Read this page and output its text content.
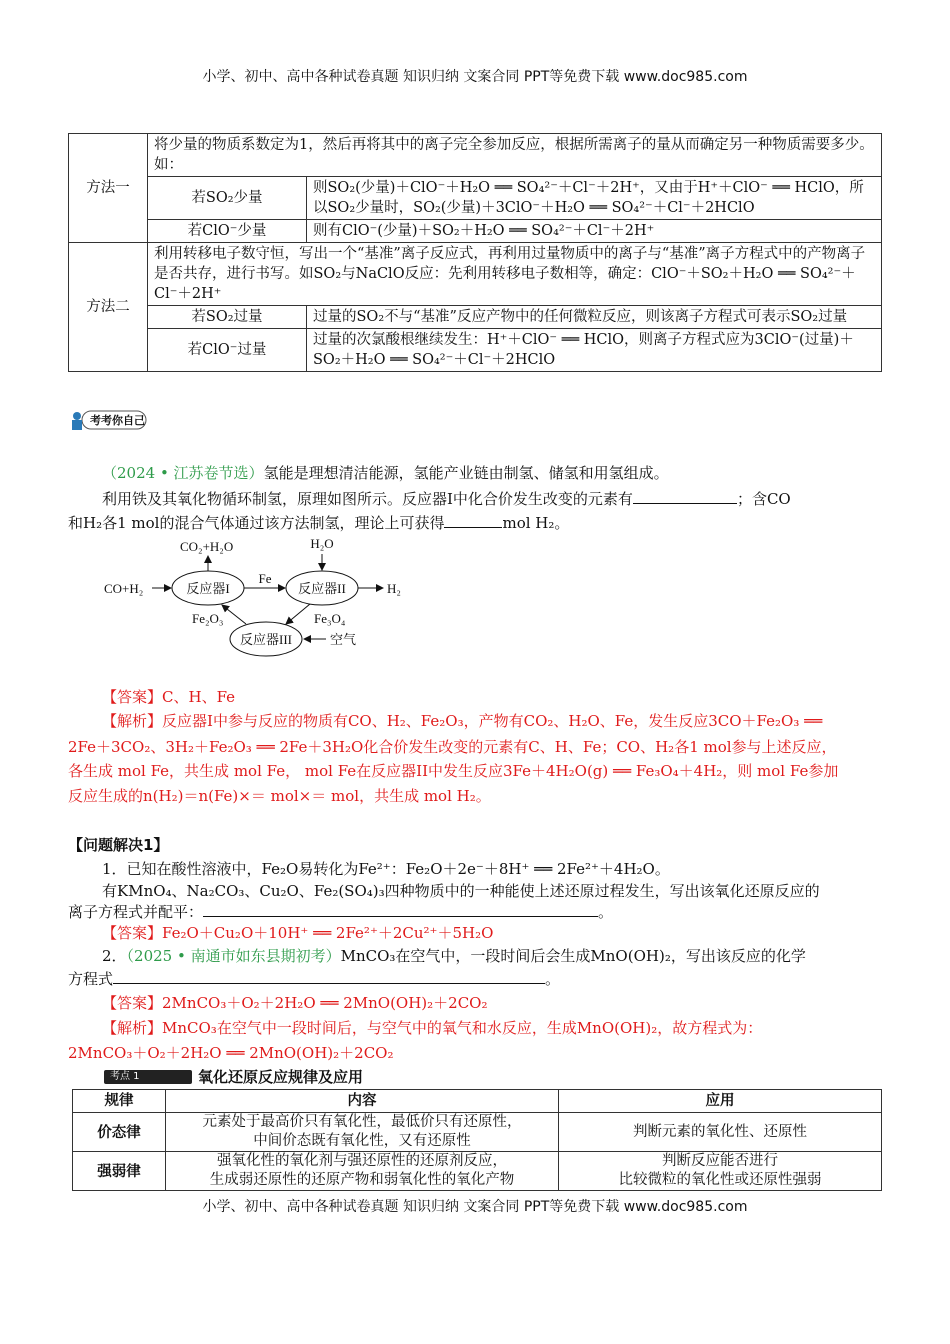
小学、初中、高中各种试卷真题 知识归纳 文案合同 PPT等免费下载 www.doc985.com
方法一	将少量的物质系数定为1，然后再将其中的离子完全参加反应，根据所需离子的量从而确定另一种物质需要多少。如：	
	若SO₂少量	则SO₂(少量)＋ClO⁻＋H₂O ══ SO₄²⁻＋Cl⁻＋2H⁺，又由于H⁺＋ClO⁻ ══ HClO，所以SO₂少量时，SO₂(少量)＋3ClO⁻＋H₂O ══ SO₄²⁻＋Cl⁻＋2HClO
	若ClO⁻少量	则有ClO⁻(少量)＋SO₂＋H₂O ══ SO₄²⁻＋Cl⁻＋2H⁺
方法二	利用转移电子数守恒，写出一个“基准”离子反应式，再利用过量物质中的离子与“基准”离子方程式中的产物离子是否共存，进行书写。如SO₂与NaClO反应：先利用转移电子数相等，确定：ClO⁻＋SO₂＋H₂O ══ SO₄²⁻＋Cl⁻＋2H⁺	
	若SO₂过量	过量的SO₂不与“基准”反应产物中的任何微粒反应，则该离子方程式可表示SO₂过量
	若ClO⁻过量	过量的次氯酸根继续发生：H⁺＋ClO⁻ ══ HClO，则离子方程式应为3ClO⁻(过量)＋SO₂＋H₂O ══ SO₄²⁻＋Cl⁻＋2HClO
考考你自己
（2024 • 江苏卷节选）氢能是理想清洁能源，氢能产业链由制氢、储氢和用氢组成。
利用铁及其氧化物循环制氢，原理如图所示。反应器Ⅰ中化合价发生改变的元素有	；含CO
和H₂各1 mol的混合气体通过该方法制氢，理论上可获得	mol H₂。
反应器I	反应器II
反应器III
CO+H₂
CO₂+H₂O
Fe
H₂O
H₂
Fe₃O₄
Fe₂O₃
空气
【答案】C、H、Fe
【解析】反应器I中参与反应的物质有CO、H₂、Fe₂O₃，产物有CO₂、H₂O、Fe，发生反应3CO＋Fe₂O₃ ══
2Fe＋3CO₂、3H₂＋Fe₂O₃ ══ 2Fe＋3H₂O化合价发生改变的元素有C、H、Fe；CO、H₂各1 mol参与上述反应，
各生成 mol Fe，共生成 mol Fe， mol Fe在反应器II中发生反应3Fe＋4H₂O(g) ══ Fe₃O₄＋4H₂，则 mol Fe参加
反应生成的n(H₂)＝n(Fe)×＝ mol×＝ mol，共生成 mol H₂。
【问题解决1】
1．已知在酸性溶液中，Fe₂O易转化为Fe²⁺：Fe₂O＋2e⁻＋8H⁺ ══ 2Fe²⁺＋4H₂O。
有KMnO₄、Na₂CO₃、Cu₂O、Fe₂(SO₄)₃四种物质中的一种能使上述还原过程发生，写出该氧化还原反应的
离子方程式并配平：	。
【答案】Fe₂O＋Cu₂O＋10H⁺ ══ 2Fe²⁺＋2Cu²⁺＋5H₂O
2．（2025 • 南通市如东县期初考）MnCO₃在空气中，一段时间后会生成MnO(OH)₂，写出该反应的化学
方程式	。
【答案】2MnCO₃＋O₂＋2H₂O ══ 2MnO(OH)₂＋2CO₂
【解析】MnCO₃在空气中一段时间后，与空气中的氧气和水反应，生成MnO(OH)₂，故方程式为：
2MnCO₃＋O₂＋2H₂O ══ 2MnO(OH)₂＋2CO₂
考点 1	氧化还原反应规律及应用
规律	内容	应用
价态律	元素处于最高价只有氧化性，最低价只有还原性，
中间价态既有氧化性，又有还原性	判断元素的氧化性、还原性
强弱律	强氧化性的氧化剂与强还原性的还原剂反应，
生成弱还原性的还原产物和弱氧化性的氧化产物	判断反应能否进行
比较微粒的氧化性或还原性强弱
小学、初中、高中各种试卷真题 知识归纳 文案合同 PPT等免费下载 www.doc985.com
